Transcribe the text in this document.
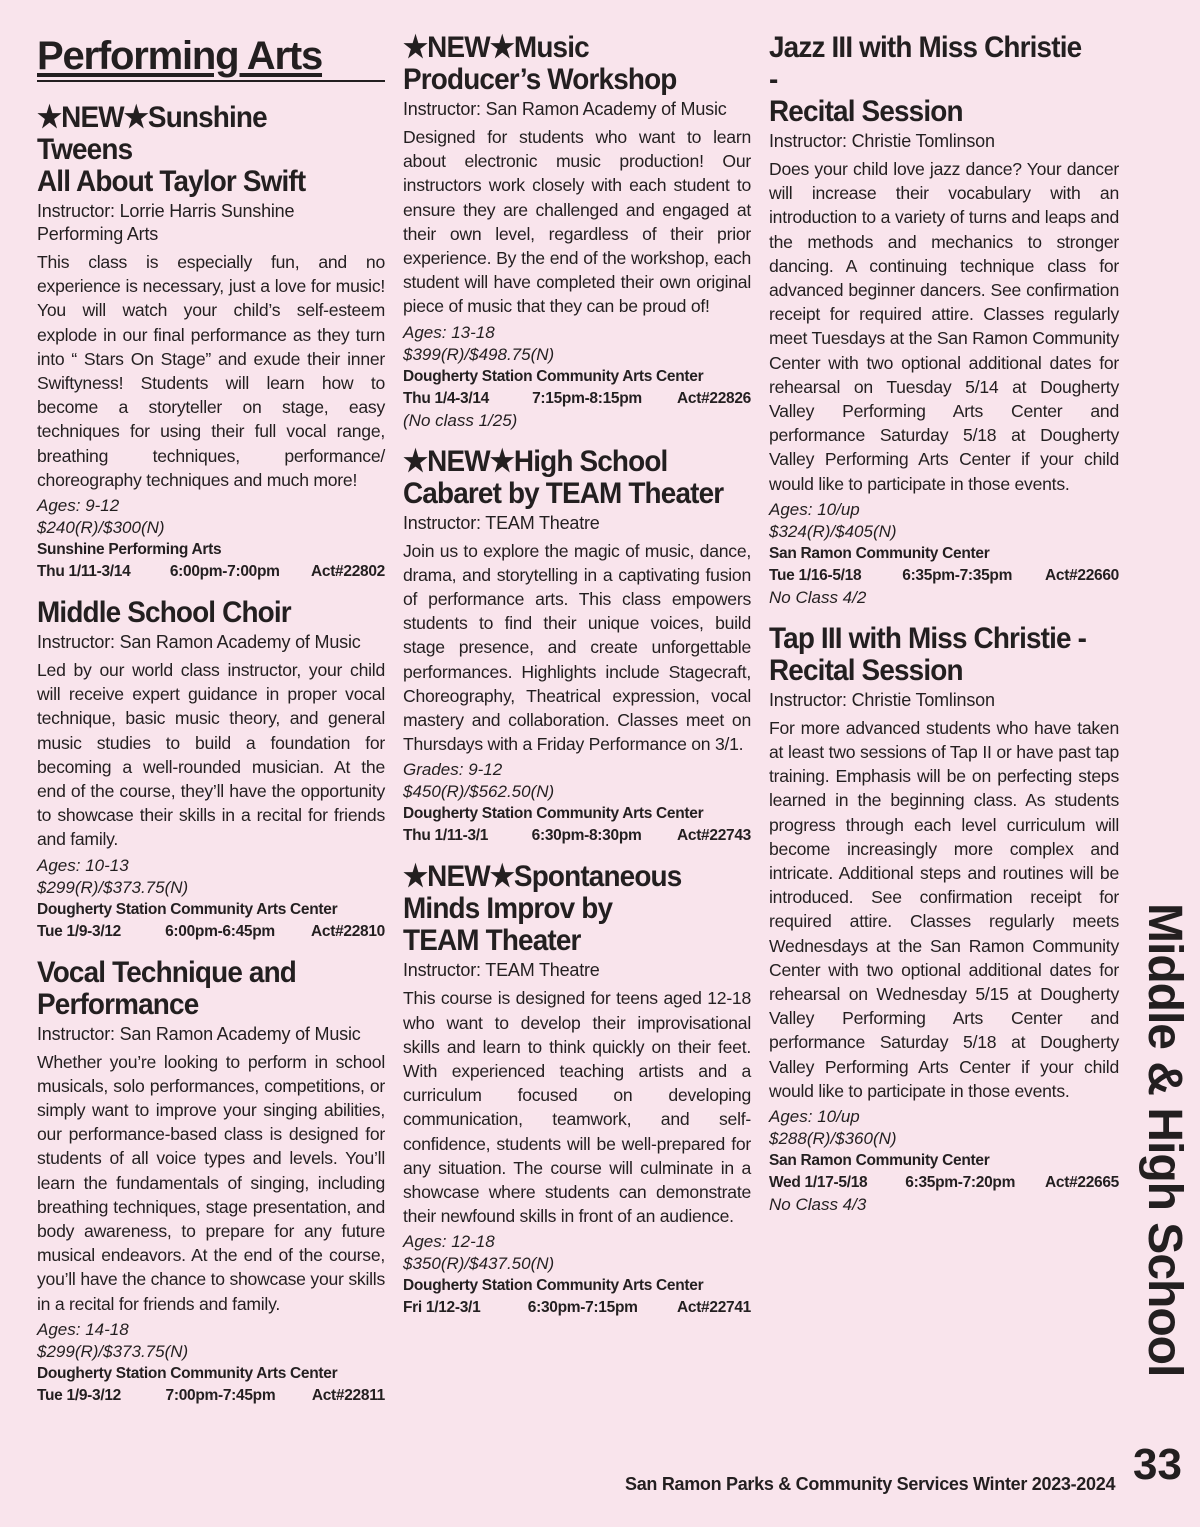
Performing Arts
★NEW★Sunshine Tweens
All About Taylor Swift
Instructor: Lorrie Harris Sunshine Performing Arts
This class is especially fun, and no experience is necessary, just a love for music! You will watch your child’s self-esteem explode in our final performance as they turn into “ Stars On Stage” and exude their inner Swiftyness! Students will learn how to become a storyteller on stage, easy techniques for using their full vocal range, breathing techniques, performance/ choreography techniques and much more!
Ages: 9-12
$240(R)/$300(N)
Sunshine Performing Arts
Thu 1/11-3/14	6:00pm-7:00pm Act#22802
Middle School Choir
Instructor: San Ramon Academy of Music
Led by our world class instructor, your child will receive expert guidance in proper vocal technique, basic music theory, and general music studies to build a foundation for becoming a well-rounded musician. At the end of the course, they’ll have the opportunity to showcase their skills in a recital for friends and family.
Ages: 10-13
$299(R)/$373.75(N)
Dougherty Station Community Arts Center
Tue 1/9-3/12	6:00pm-6:45pm Act#22810
Vocal Technique and
Performance
Instructor: San Ramon Academy of Music
Whether you’re looking to perform in school musicals, solo performances, competitions, or simply want to improve your singing abilities, our performance-based class is designed for students of all voice types and levels. You’ll learn the fundamentals of singing, including breathing techniques, stage presentation, and body awareness, to prepare for any future musical endeavors. At the end of the course, you’ll have the chance to showcase your skills in a recital for friends and family.
Ages: 14-18
$299(R)/$373.75(N)
Dougherty Station Community Arts Center
Tue 1/9-3/12	7:00pm-7:45pm Act#22811
★NEW★Music
Producer’s Workshop
Instructor: San Ramon Academy of Music
Designed for students who want to learn about electronic music production! Our instructors work closely with each student to ensure they are challenged and engaged at their own level, regardless of their prior experience. By the end of the workshop, each student will have completed their own original piece of music that they can be proud of!
Ages: 13-18
$399(R)/$498.75(N)
Dougherty Station Community Arts Center
Thu 1/4-3/14	7:15pm-8:15pm Act#22826
(No class 1/25)
★NEW★High School
Cabaret by TEAM Theater
Instructor: TEAM Theatre
Join us to explore the magic of music, dance, drama, and storytelling in a captivating fusion of performance arts. This class empowers students to find their unique voices, build stage presence, and create unforgettable performances. Highlights include Stagecraft, Choreography, Theatrical expression, vocal mastery and collaboration. Classes meet on Thursdays with a Friday Performance on 3/1.
Grades: 9-12
$450(R)/$562.50(N)
Dougherty Station Community Arts Center
Thu 1/11-3/1	6:30pm-8:30pm Act#22743
★NEW★Spontaneous
Minds Improv by
TEAM Theater
Instructor: TEAM Theatre
This course is designed for teens aged 12-18 who want to develop their improvisational skills and learn to think quickly on their feet. With experienced teaching artists and a curriculum focused on developing communication, teamwork, and self-confidence, students will be well-prepared for any situation. The course will culminate in a showcase where students can demonstrate their newfound skills in front of an audience.
Ages: 12-18
$350(R)/$437.50(N)
Dougherty Station Community Arts Center
Fri 1/12-3/1	6:30pm-7:15pm	Act#22741
Jazz III with Miss Christie -
Recital Session
Instructor: Christie Tomlinson
Does your child love jazz dance? Your dancer will increase their vocabulary with an introduction to a variety of turns and leaps and the methods and mechanics to stronger dancing. A continuing technique class for advanced beginner dancers. See confirmation receipt for required attire. Classes regularly meet Tuesdays at the San Ramon Community Center with two optional additional dates for rehearsal on Tuesday 5/14 at Dougherty Valley Performing Arts Center and performance Saturday 5/18 at Dougherty Valley Performing Arts Center if your child would like to participate in those events.
Ages: 10/up
$324(R)/$405(N)
San Ramon Community Center
Tue 1/16-5/18	6:35pm-7:35pm Act#22660
No Class 4/2
Tap III with Miss Christie -
Recital Session
Instructor: Christie Tomlinson
For more advanced students who have taken at least two sessions of Tap II or have past tap training. Emphasis will be on perfecting steps learned in the beginning class. As students progress through each level curriculum will become increasingly more complex and intricate. Additional steps and routines will be introduced. See confirmation receipt for required attire. Classes regularly meets Wednesdays at the San Ramon Community Center with two optional additional dates for rehearsal on Wednesday 5/15 at Dougherty Valley Performing Arts Center and performance Saturday 5/18 at Dougherty Valley Performing Arts Center if your child would like to participate in those events.
Ages: 10/up
$288(R)/$360(N)
San Ramon Community Center
Wed 1/17-5/18 6:35pm-7:20pm Act#22665
No Class 4/3	Middle & High School
33
San Ramon Parks & Community Services Winter 2023-2024
